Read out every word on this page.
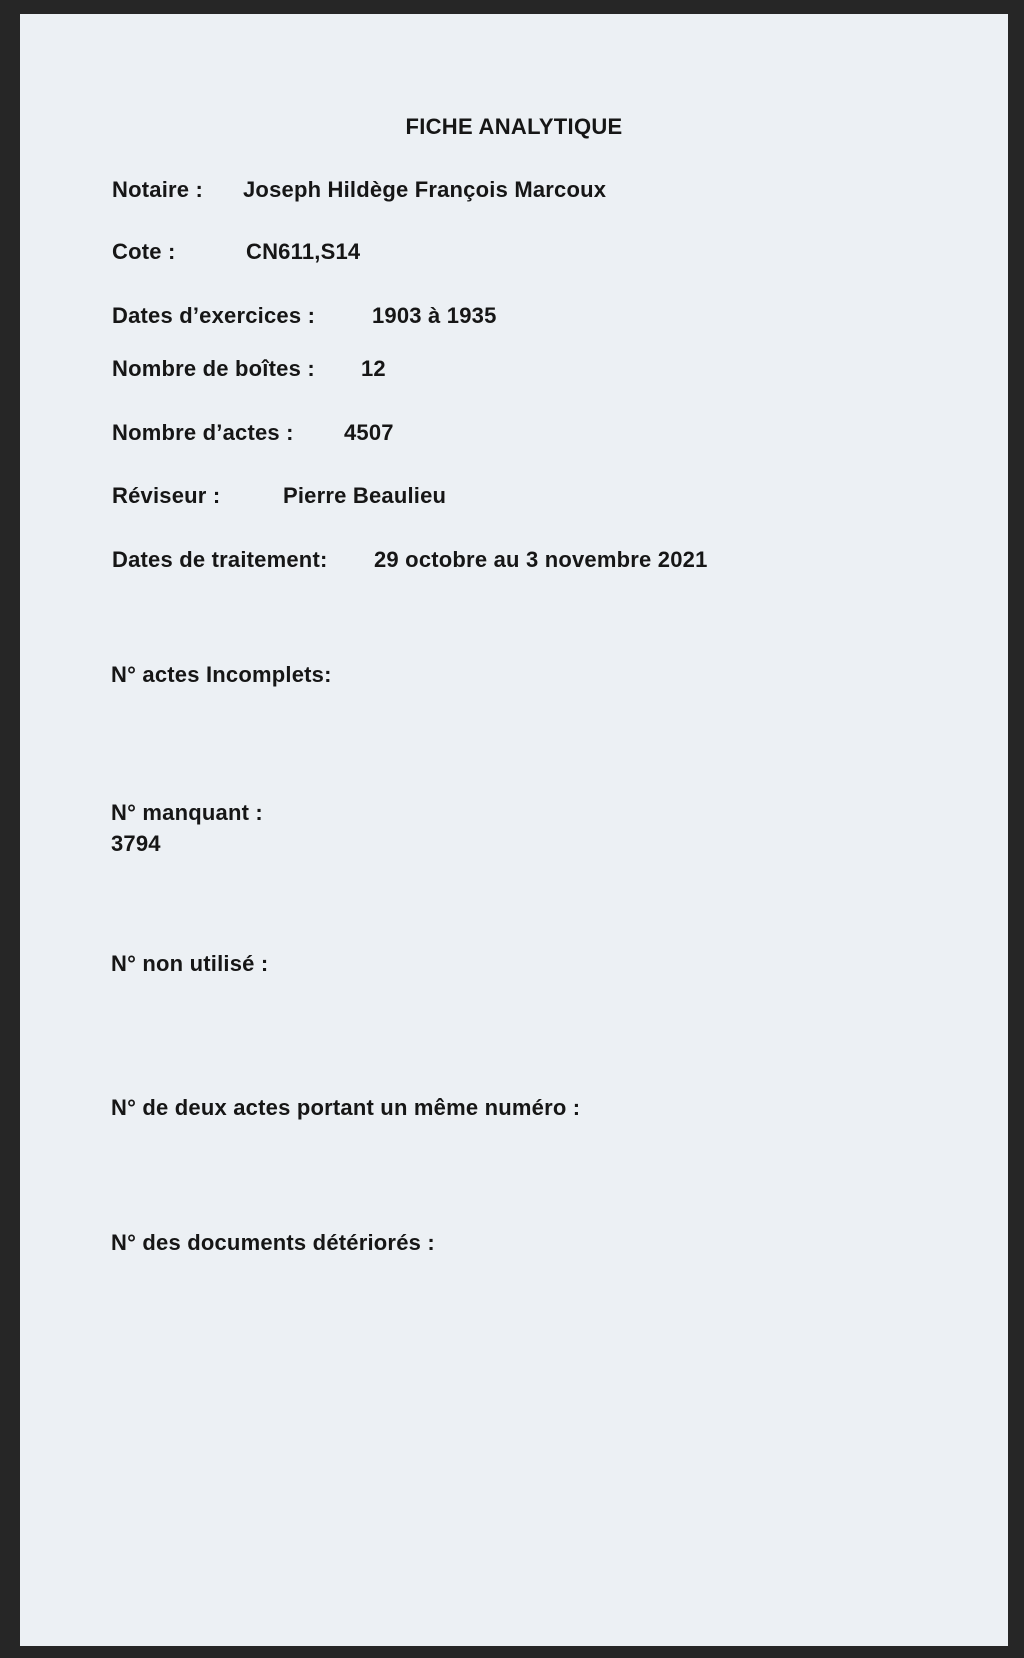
FICHE ANALYTIQUE
Notaire : Joseph Hildège François Marcoux
Cote :	CN611,S14
Dates d’exercices :	1903 à 1935
Nombre de boîtes : 12
Nombre d’actes : 4507
Réviseur :	Pierre Beaulieu
Dates de traitement: 29 octobre au 3 novembre 2021
N° actes Incomplets:
N° manquant :
3794
N° non utilisé :
N° de deux actes portant un même numéro :
N° des documents détériorés :
